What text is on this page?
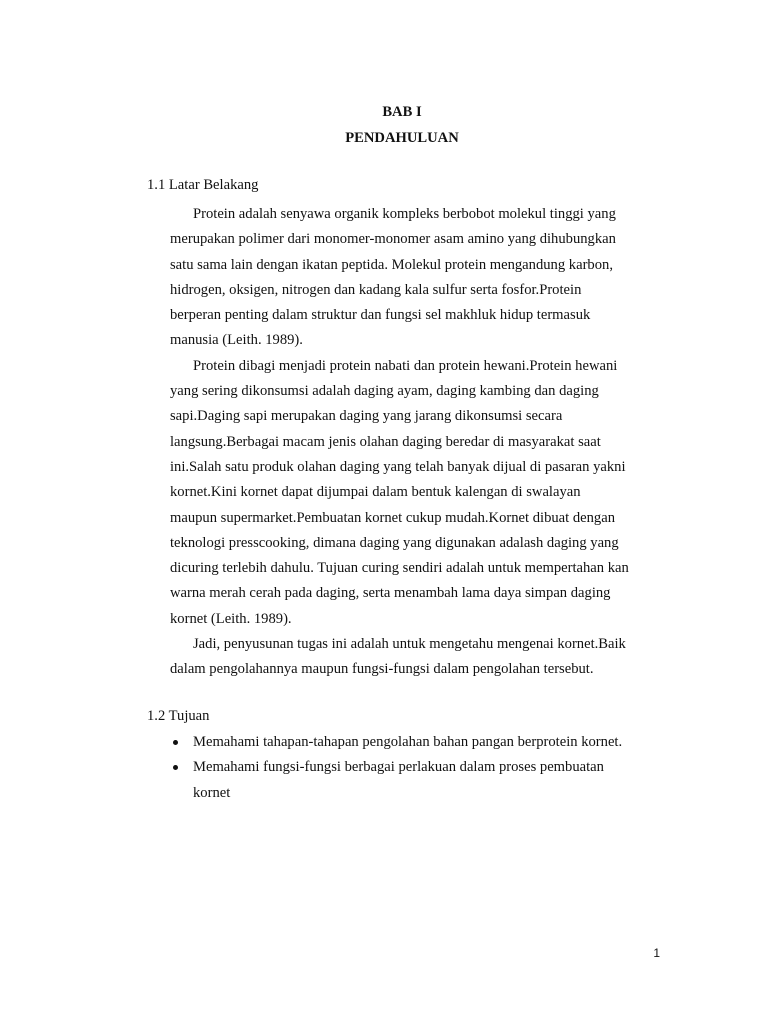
BAB I
PENDAHULUAN
1.1 Latar Belakang
Protein adalah senyawa organik kompleks berbobot molekul tinggi yang
merupakan polimer dari monomer-monomer asam amino yang dihubungkan
satu sama lain dengan ikatan peptida. Molekul protein mengandung karbon,
hidrogen, oksigen, nitrogen dan kadang kala sulfur serta fosfor.Protein
berperan penting dalam struktur dan fungsi sel makhluk hidup termasuk
manusia (Leith. 1989).
Protein dibagi menjadi protein nabati dan protein hewani.Protein hewani
yang sering dikonsumsi adalah daging ayam, daging kambing dan daging
sapi.Daging sapi merupakan daging yang jarang dikonsumsi secara
langsung.Berbagai macam jenis olahan daging beredar di masyarakat saat
ini.Salah satu produk olahan daging yang telah banyak dijual di pasaran yakni
kornet.Kini kornet dapat dijumpai dalam bentuk kalengan di swalayan
maupun supermarket.Pembuatan kornet cukup mudah.Kornet dibuat dengan
teknologi presscooking, dimana daging yang digunakan adalash daging yang
dicuring terlebih dahulu. Tujuan curing sendiri adalah untuk mempertahan kan
warna merah cerah pada daging, serta menambah lama daya simpan daging
kornet (Leith. 1989).
Jadi, penyusunan tugas ini adalah untuk mengetahu mengenai kornet.Baik
dalam pengolahannya maupun fungsi-fungsi dalam pengolahan tersebut.
1.2 Tujuan
Memahami tahapan-tahapan pengolahan bahan pangan berprotein kornet.
Memahami fungsi-fungsi berbagai perlakuan dalam proses pembuatan
kornet
1
